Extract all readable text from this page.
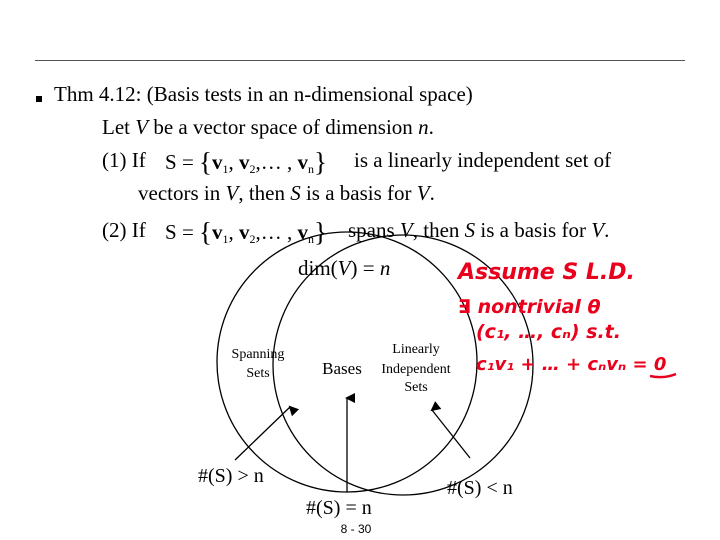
Thm 4.12: (Basis tests in an n-dimensional space)
Let V be a vector space of dimension n.
(1) If $S = \{v_1$, $v_2,\dots$ , $v_n$} is a linearly independent set of
vectors in V, then S is a basis for V.
(2) If $S = \{v_1$, $v_2,\dots$ , $v_n$} spans V, then S is a basis for V.
dim(V) = n
Spanning
Sets	Bases
Linearly
Independent
Sets
#(S) > n
#(S) = n
#(S) < n
8 - 30
Assume S L.D.
∃ nontrivial θ
(c₁, …, cₙ) s.t.
c₁v₁ + … + cₙvₙ = 0
